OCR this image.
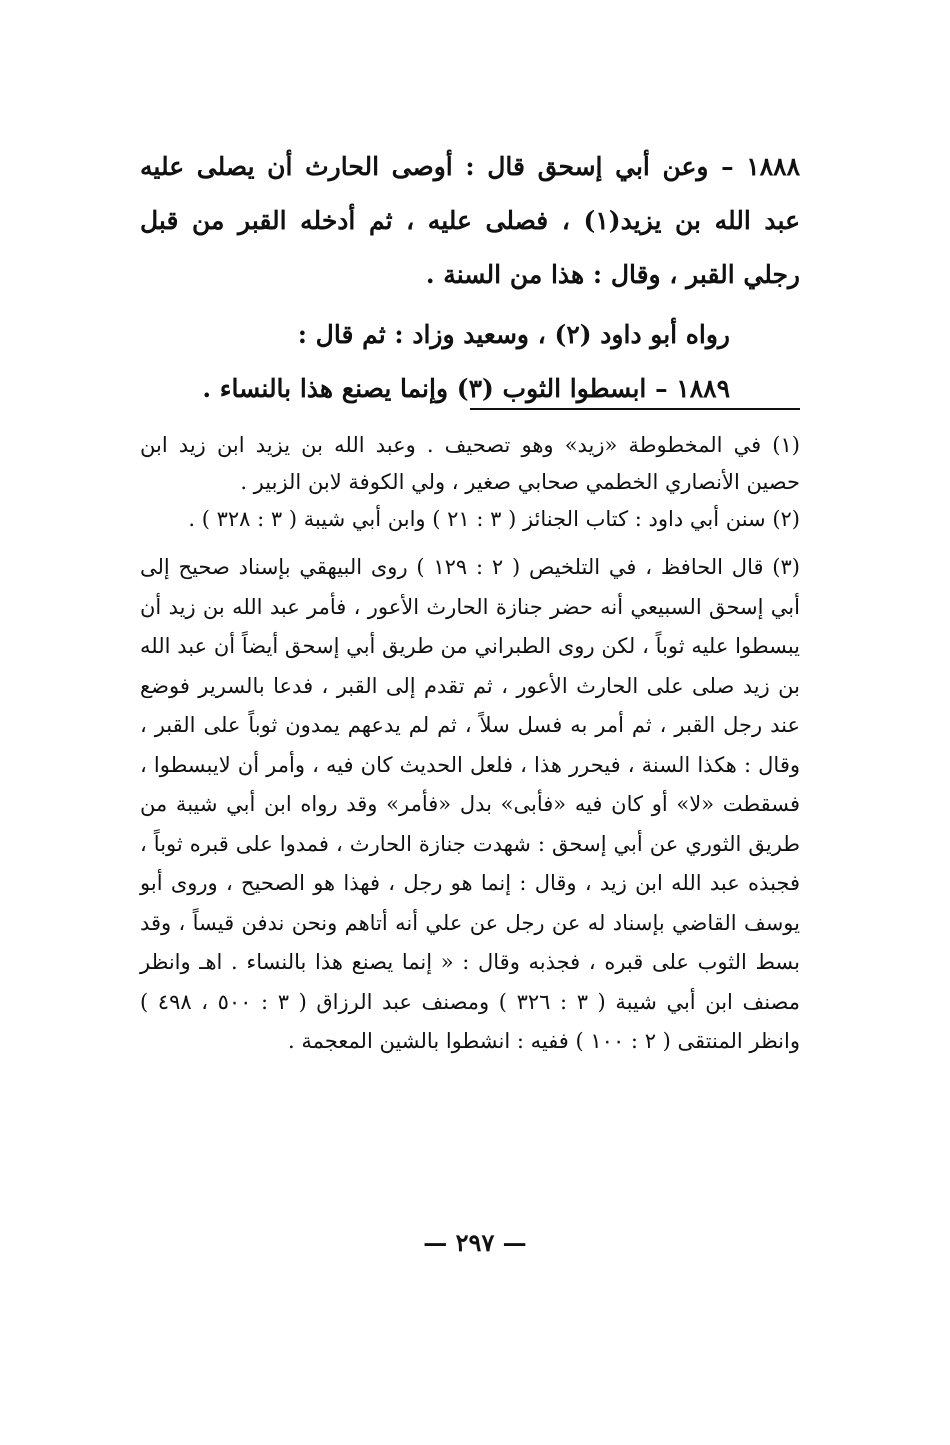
١٨٨٨ – وعن أبي إسحق قال : أوصى الحارث أن يصلى عليه عبد الله بن يزيد(١) ، فصلى عليه ، ثم أدخله القبر من قبل رجلي القبر ، وقال : هذا من السنة .

رواه أبو داود (٢) ، وسعيد وزاد : ثم قال :

١٨٨٩ – ابسطوا الثوب (٣) وإنما يصنع هذا بالنساء .

(١) في المخطوطة «زيد» وهو تصحيف . وعبد الله بن يزيد ابن زيد ابن حصين الأنصاري الخطمي صحابي صغير ، ولي الكوفة لابن الزبير .

(٢) سنن أبي داود : كتاب الجنائز ( ٣ : ٢١ ) وابن أبي شيبة ( ٣ : ٣٢٨ ) .

(٣) قال الحافظ ، في التلخيص ( ٢ : ١٢٩ ) روى البيهقي بإسناد صحيح إلى أبي إسحق السبيعي أنه حضر جنازة الحارث الأعور ، فأمر عبد الله بن زيد أن يبسطوا عليه ثوباً ، لكن روى الطبراني من طريق أبي إسحق أيضاً أن عبد الله بن زيد صلى على الحارث الأعور ، ثم تقدم إلى القبر ، فدعا بالسرير فوضع عند رجل القبر ، ثم أمر به فسل سلاً ، ثم لم يدعهم يمدون ثوباً على القبر ، وقال : هكذا السنة ، فيحرر هذا ، فلعل الحديث كان فيه ، وأمر أن لايبسطوا ، فسقطت «لا» أو كان فيه «فأبى» بدل «فأمر» وقد رواه ابن أبي شيبة من طريق الثوري عن أبي إسحق : شهدت جنازة الحارث ، فمدوا على قبره ثوباً ، فجبذه عبد الله ابن زيد ، وقال : إنما هو رجل ، فهذا هو الصحيح ، وروى أبو يوسف القاضي بإسناد له عن رجل عن علي أنه أتاهم ونحن ندفن قيساً ، وقد بسط الثوب على قبره ، فجذبه وقال : « إنما يصنع هذا بالنساء . اهـ وانظر مصنف ابن أبي شيبة ( ٣ : ٣٢٦ ) ومصنف عبد الرزاق ( ٣ : ٥٠٠ ، ٤٩٨ ) وانظر المنتقى ( ٢ : ١٠٠ ) ففيه : انشطوا بالشين المعجمة .

— ٢٩٧ —
